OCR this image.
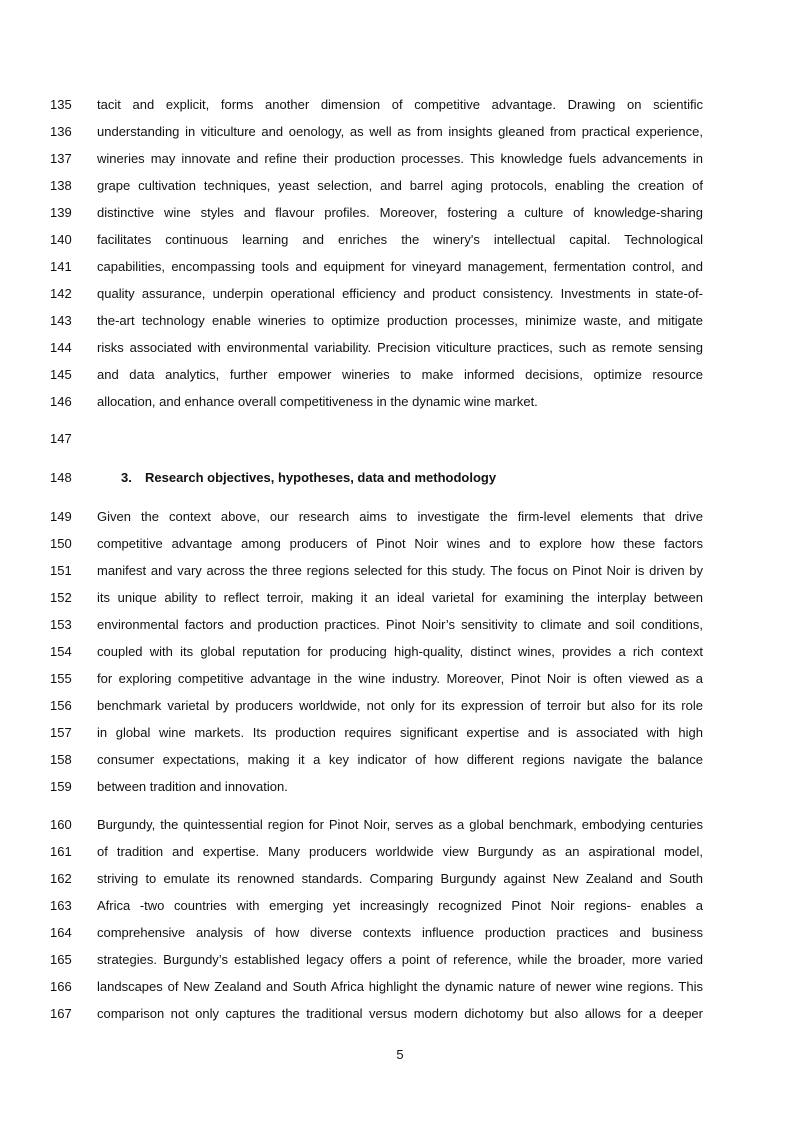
135	tacit and explicit, forms another dimension of competitive advantage. Drawing on scientific
136	understanding in viticulture and oenology, as well as from insights gleaned from practical experience,
137	wineries may innovate and refine their production processes. This knowledge fuels advancements in
138	grape cultivation techniques, yeast selection, and barrel aging protocols, enabling the creation of
139	distinctive wine styles and flavour profiles. Moreover, fostering a culture of knowledge-sharing
140	facilitates continuous learning and enriches the winery's intellectual capital. Technological
141	capabilities, encompassing tools and equipment for vineyard management, fermentation control, and
142	quality assurance, underpin operational efficiency and product consistency. Investments in state-of-
143	the-art technology enable wineries to optimize production processes, minimize waste, and mitigate
144	risks associated with environmental variability. Precision viticulture practices, such as remote sensing
145	and data analytics, further empower wineries to make informed decisions, optimize resource
146	allocation, and enhance overall competitiveness in the dynamic wine market.
147
148	3. Research objectives, hypotheses, data and methodology
149	Given the context above, our research aims to investigate the firm-level elements that drive
150	competitive advantage among producers of Pinot Noir wines and to explore how these factors
151	manifest and vary across the three regions selected for this study. The focus on Pinot Noir is driven by
152	its unique ability to reflect terroir, making it an ideal varietal for examining the interplay between
153	environmental factors and production practices. Pinot Noir’s sensitivity to climate and soil conditions,
154	coupled with its global reputation for producing high-quality, distinct wines, provides a rich context
155	for exploring competitive advantage in the wine industry. Moreover, Pinot Noir is often viewed as a
156	benchmark varietal by producers worldwide, not only for its expression of terroir but also for its role
157	in global wine markets. Its production requires significant expertise and is associated with high
158	consumer expectations, making it a key indicator of how different regions navigate the balance
159	between tradition and innovation.
160	Burgundy, the quintessential region for Pinot Noir, serves as a global benchmark, embodying centuries
161	of tradition and expertise. Many producers worldwide view Burgundy as an aspirational model,
162	striving to emulate its renowned standards. Comparing Burgundy against New Zealand and South
163	Africa -two countries with emerging yet increasingly recognized Pinot Noir regions- enables a
164	comprehensive analysis of how diverse contexts influence production practices and business
165	strategies. Burgundy’s established legacy offers a point of reference, while the broader, more varied
166	landscapes of New Zealand and South Africa highlight the dynamic nature of newer wine regions. This
167	comparison not only captures the traditional versus modern dichotomy but also allows for a deeper
5
